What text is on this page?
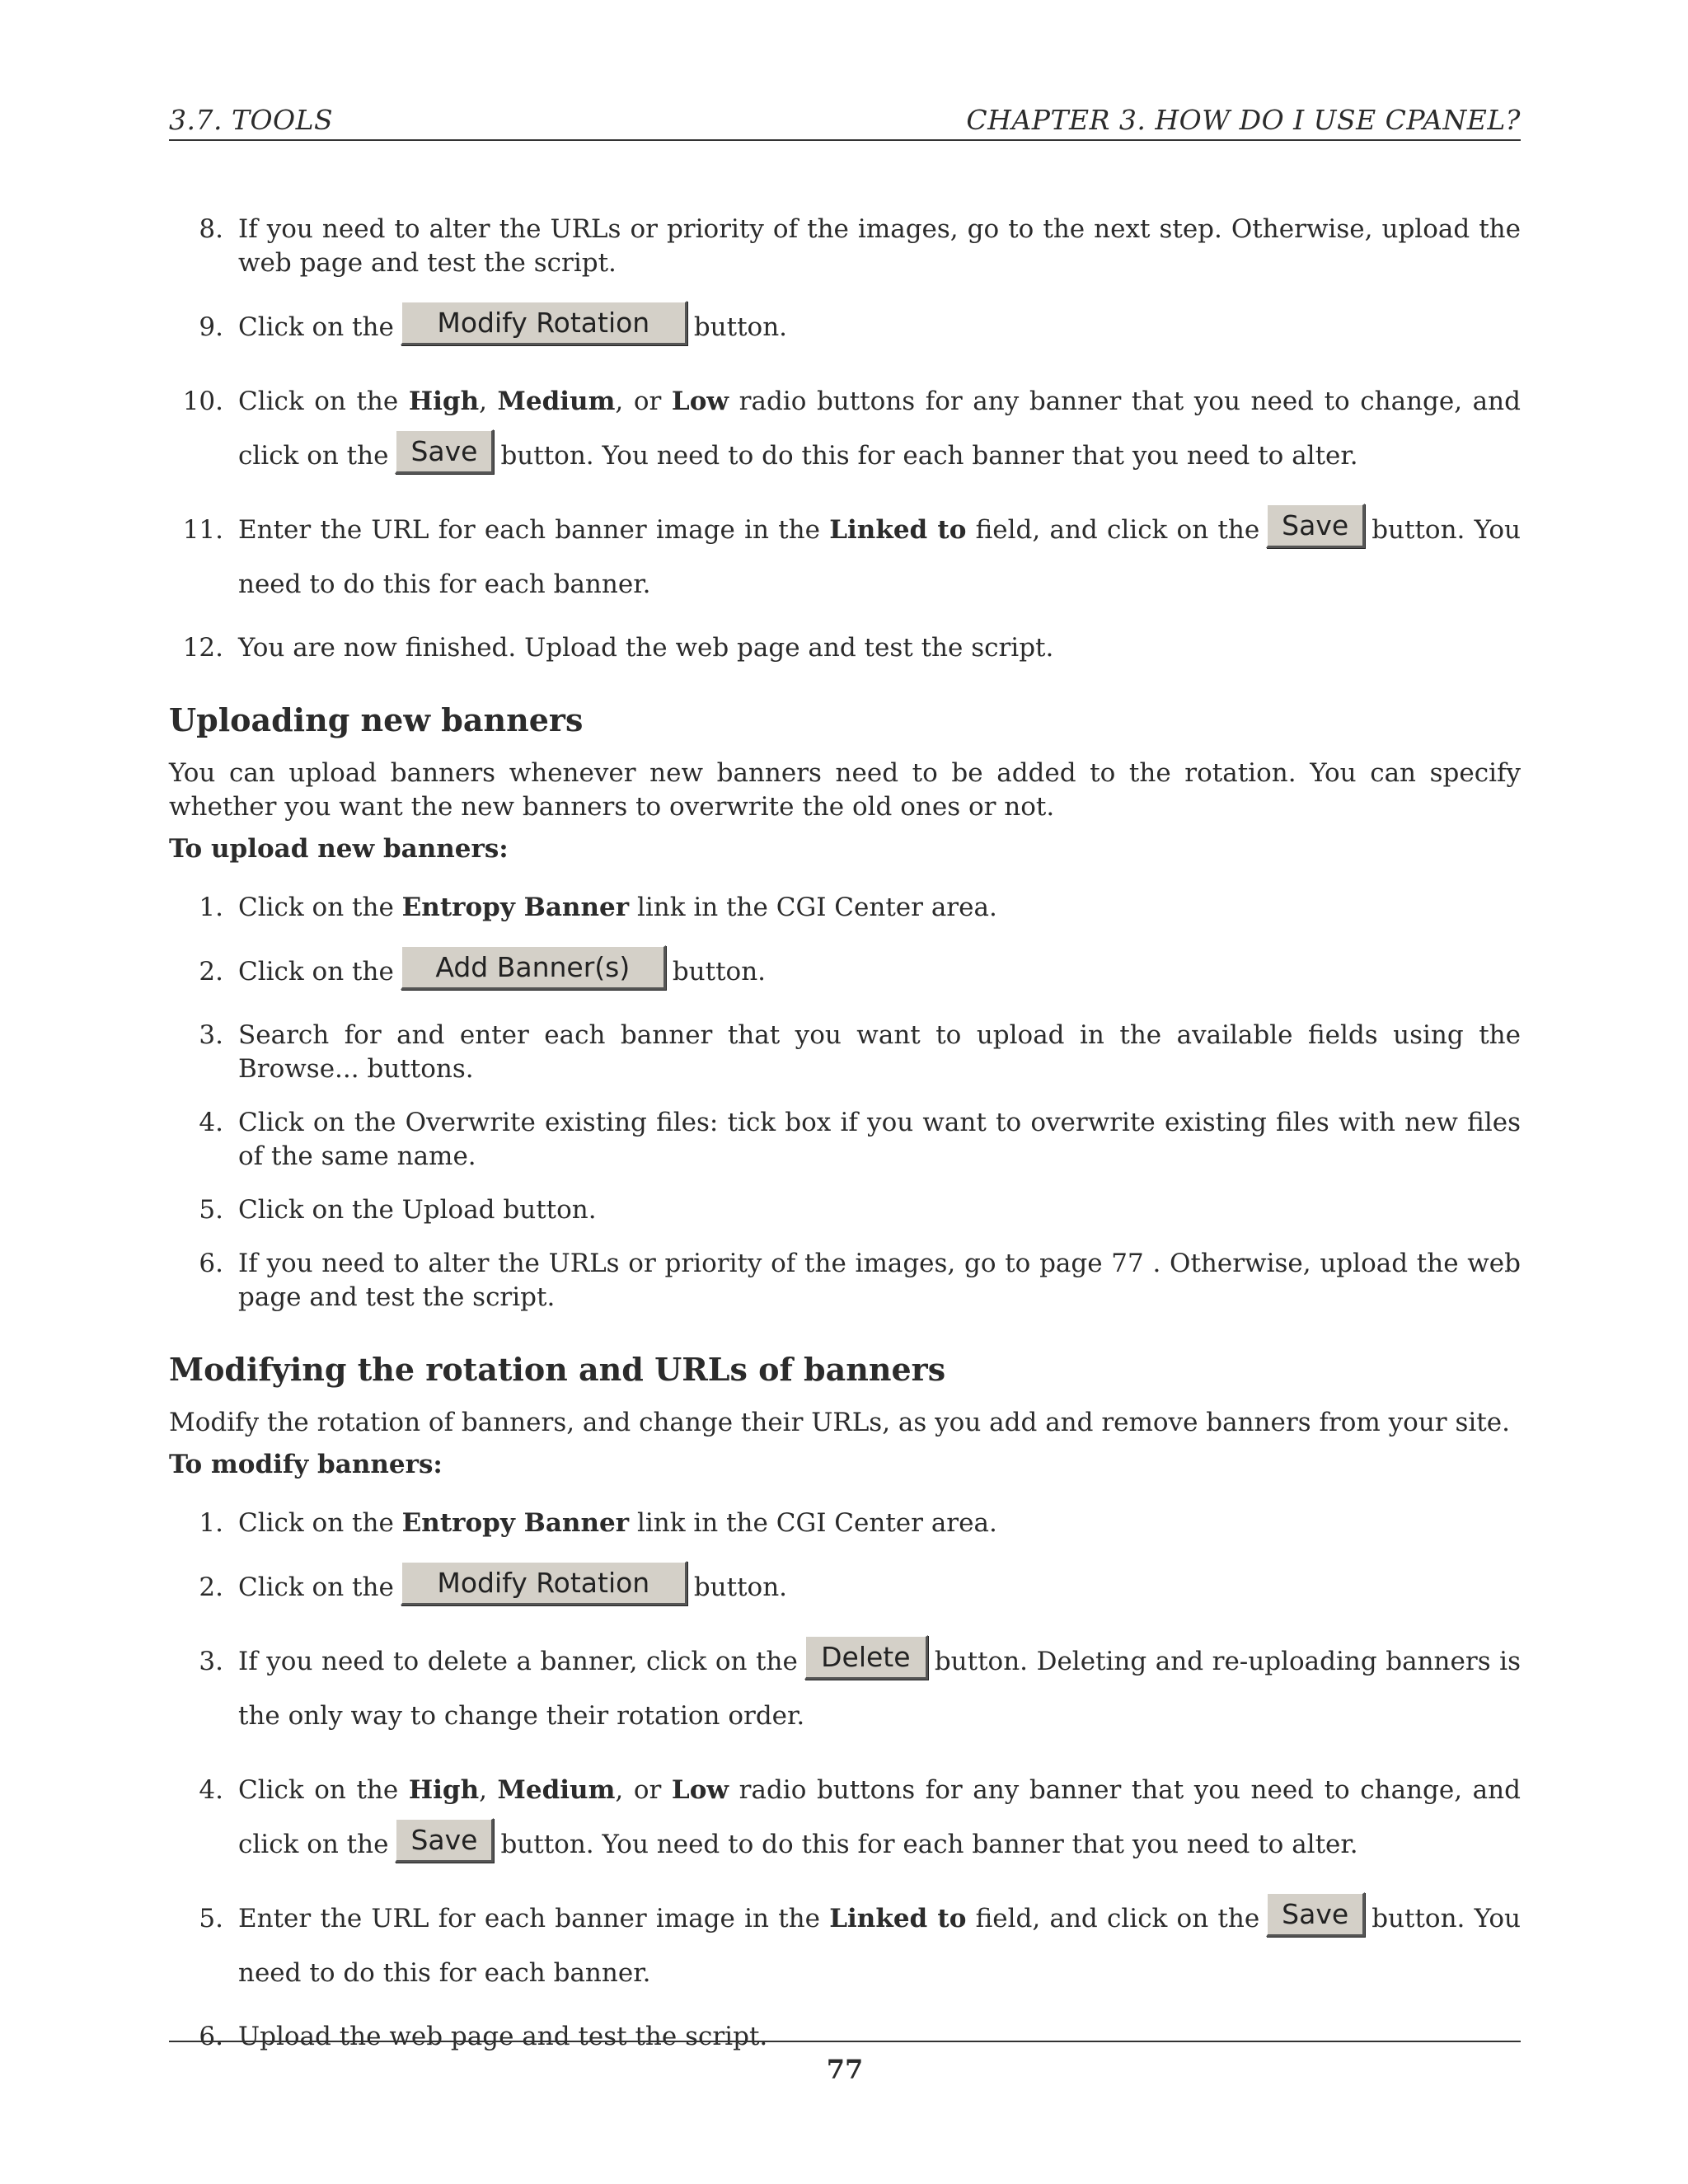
3.7. TOOLS	CHAPTER 3. HOW DO I USE CPANEL?
8. If you need to alter the URLs or priority of the images, go to the next step. Otherwise, upload the web page and test the script.
9. Click on the Modify Rotation button.
10. Click on the High, Medium, or Low radio buttons for any banner that you need to change, and click on the Save button. You need to do this for each banner that you need to alter.
11. Enter the URL for each banner image in the Linked to field, and click on the Save button. You need to do this for each banner.
12. You are now finished. Upload the web page and test the script.
Uploading new banners

You can upload banners whenever new banners need to be added to the rotation. You can specify whether you want the new banners to overwrite the old ones or not.

To upload new banners:

1. Click on the Entropy Banner link in the CGI Center area.
2. Click on the Add Banner(s) button.
3. Search for and enter each banner that you want to upload in the available fields using the Browse... buttons.
4. Click on the Overwrite existing files: tick box if you want to overwrite existing files with new files of the same name.
5. Click on the Upload button.
6. If you need to alter the URLs or priority of the images, go to page 77 . Otherwise, upload the web page and test the script.
Modifying the rotation and URLs of banners

Modify the rotation of banners, and change their URLs, as you add and remove banners from your site.

To modify banners:

1. Click on the Entropy Banner link in the CGI Center area.
2. Click on the Modify Rotation button.
3. If you need to delete a banner, click on the Delete button. Deleting and re-uploading banners is the only way to change their rotation order.
4. Click on the High, Medium, or Low radio buttons for any banner that you need to change, and click on the Save button. You need to do this for each banner that you need to alter.
5. Enter the URL for each banner image in the Linked to field, and click on the Save button. You need to do this for each banner.
6. Upload the web page and test the script.
77
